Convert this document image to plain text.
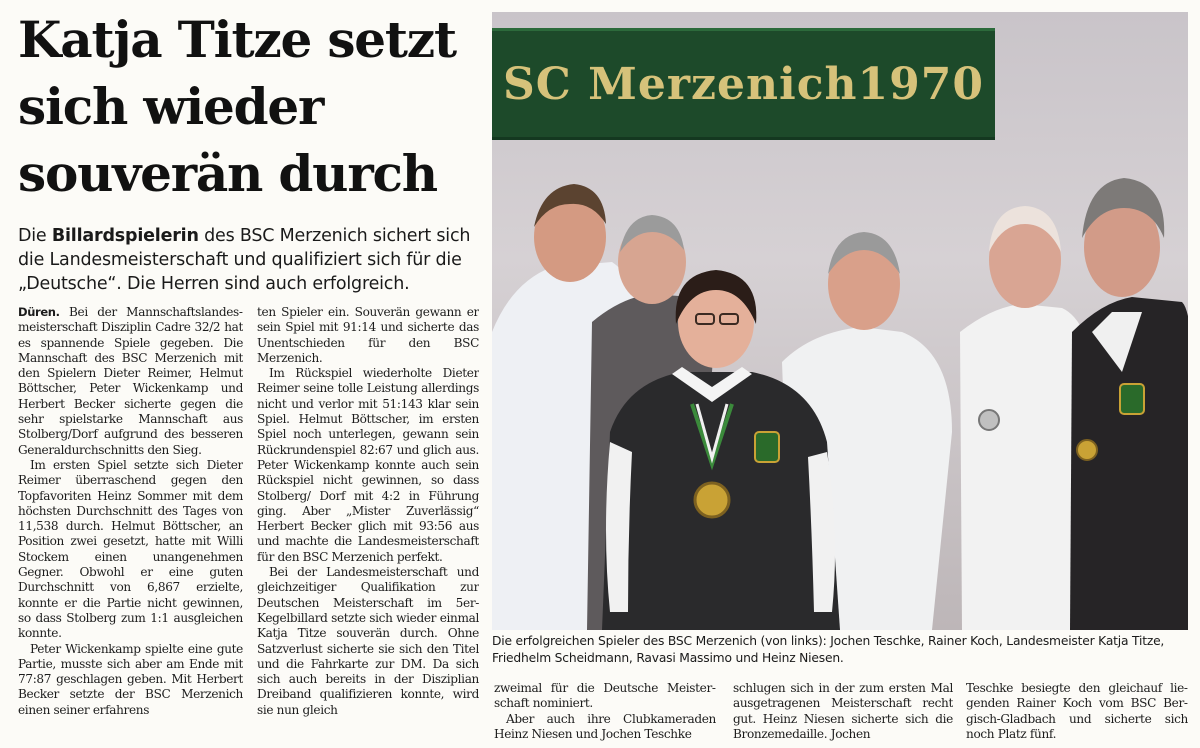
Katja Titze setzt
sich wieder
souverän durch

Die Billardspielerin des BSC Merzenich sichert sich die Landesmeisterschaft und qualifiziert sich für die „Deutsche“. Die Herren sind auch erfolgreich.

Düren. Bei der Mannschaftslandesmeisterschaft Disziplin Cadre 32/2 hat es spannende Spiele gegeben. Die Mannschaft des BSC Merzenich mit den Spielern Dieter Reimer, Helmut Böttscher, Peter Wickenkamp und Herbert Becker sicherte gegen die sehr spielstarke Mannschaft aus Stolberg/Dorf aufgrund des besseren Generaldurchschnitts den Sieg.

Im ersten Spiel setzte sich Dieter Reimer überraschend gegen den Topfavoriten Heinz Sommer mit dem höchsten Durchschnitt des Tages von 11,538 durch. Helmut Böttscher, an Position zwei gesetzt, hatte mit Willi Stockem einen unangenehmen Gegner. Obwohl er eine guten Durchschnitt von 6,867 erzielte, konnte er die Partie nicht gewinnen, so dass Stolberg zum 1:1 ausgleichen konnte.

Peter Wickenkamp spielte eine gute Partie, musste sich aber am Ende mit 77:87 geschlagen geben. Mit Herbert Becker setzte der BSC Merzenich einen seiner erfahrens

ten Spieler ein. Souverän gewann er sein Spiel mit 91:14 und sicherte das Unentschieden für den BSC Merzenich.

Im Rückspiel wiederholte Dieter Reimer seine tolle Leistung allerdings nicht und verlor mit 51:143 klar sein Spiel. Helmut Böttscher, im ersten Spiel noch unterlegen, gewann sein Rückrundenspiel 82:67 und glich aus. Peter Wickenkamp konnte auch sein Rückspiel nicht gewinnen, so dass Stolberg/ Dorf mit 4:2 in Führung ging. Aber „Mister Zuverlässig“ Herbert Becker glich mit 93:56 aus und machte die Landesmeisterschaft für den BSC Merzenich perfekt.

Bei der Landesmeisterschaft und gleichzeitiger Qualifikation zur Deutschen Meisterschaft im 5er-Kegelbillard setzte sich wieder einmal Katja Titze souverän durch. Ohne Satzverlust sicherte sie sich den Titel und die Fahrkarte zur DM. Da sich sich auch bereits in der Disziplian Dreiband qualifizieren konnte, wird sie nun gleich

SC Merzenich1970

Die erfolgreichen Spieler des BSC Merzenich (von links): Jochen Teschke, Rainer Koch, Landesmeister Katja Titze, Friedhelm Scheidmann, Ravasi Massimo und Heinz Niesen.

zweimal für die Deutsche Meisterschaft nominiert.

Aber auch ihre Clubkameraden Heinz Niesen und Jochen Teschke

schlugen sich in der zum ersten Mal ausgetragenen Meisterschaft recht gut. Heinz Niesen sicherte sich die Bronzemedaille. Jochen

Teschke besiegte den gleichauf liegenden Rainer Koch vom BSC Bergisch-Gladbach und sicherte sich noch Platz fünf.
